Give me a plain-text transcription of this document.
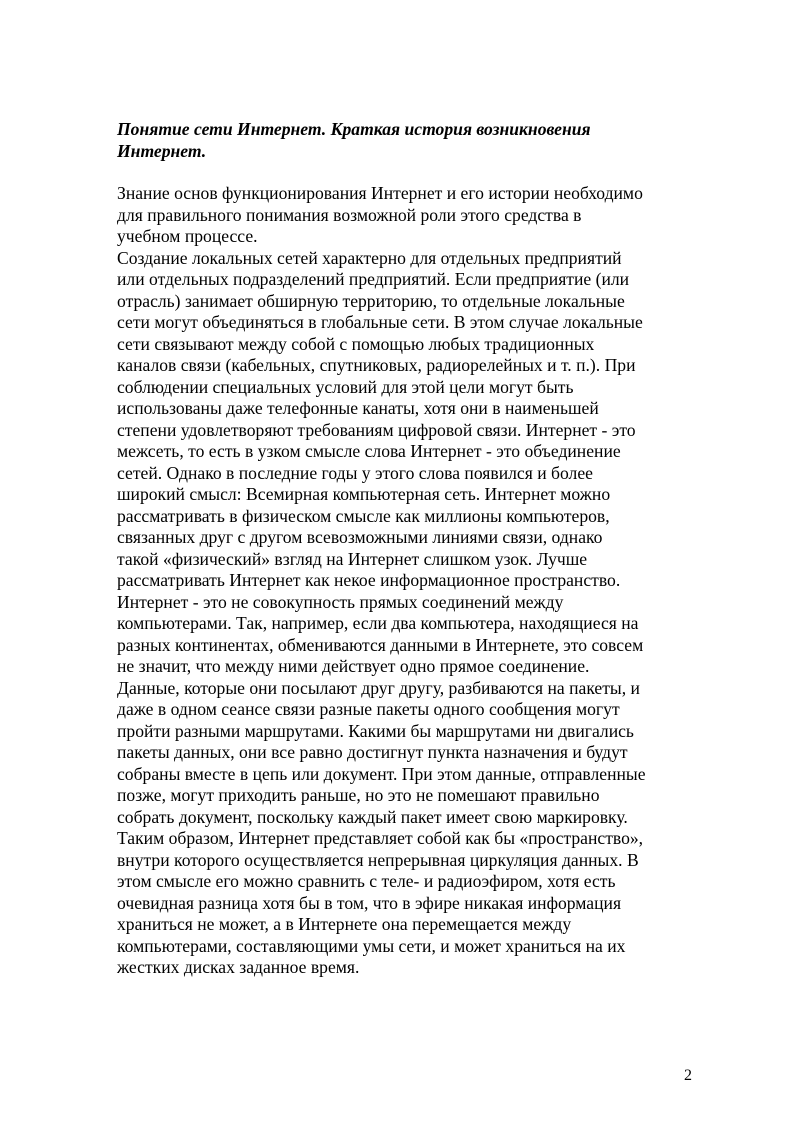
Понятие сети Интернет. Краткая история возникновения
Интернет.
Знание основ функционирования Интернет и его истории необходимо
для правильного понимания возможной роли этого средства в
учебном процессе.
Создание локальных сетей характерно для отдельных предприятий
или отдельных подразделений предприятий. Если предприятие (или
отрасль) занимает обширную территорию, то отдельные локальные
сети могут объединяться в глобальные сети. В этом случае локальные
сети связывают между собой с помощью любых традиционных
каналов связи (кабельных, спутниковых, радиорелейных и т. п.). При
соблюдении специальных условий для этой цели могут быть
использованы даже телефонные канаты, хотя они в наименьшей
степени удовлетворяют требованиям цифровой связи. Интернет - это
межсеть, то есть в узком смысле слова Интернет - это объединение
сетей. Однако в последние годы у этого слова появился и более
широкий смысл: Всемирная компьютерная сеть. Интернет можно
рассматривать в физическом смысле как миллионы компьютеров,
связанных друг с другом всевозможными линиями связи, однако
такой «физический» взгляд на Интернет слишком узок. Лучше
рассматривать Интернет как некое информационное пространство.
Интернет - это не совокупность прямых соединений между
компьютерами. Так, например, если два компьютера, находящиеся на
разных континентах, обмениваются данными в Интернете, это совсем
не значит, что между ними действует одно прямое соединение.
Данные, которые они посылают друг другу, разбиваются на пакеты, и
даже в одном сеансе связи разные пакеты одного сообщения могут
пройти разными маршрутами. Какими бы маршрутами ни двигались
пакеты данных, они все равно достигнут пункта назначения и будут
собраны вместе в цепь или документ. При этом данные, отправленные
позже, могут приходить раньше, но это не помешают правильно
собрать документ, поскольку каждый пакет имеет свою маркировку.
Таким образом, Интернет представляет собой как бы «пространство»,
внутри которого осуществляется непрерывная циркуляция данных. В
этом смысле его можно сравнить с теле- и радиоэфиром, хотя есть
очевидная разница хотя бы в том, что в эфире никакая информация
храниться не может, а в Интернете она перемещается между
компьютерами, составляющими умы сети, и может храниться на их
жестких дисках заданное время.
2
